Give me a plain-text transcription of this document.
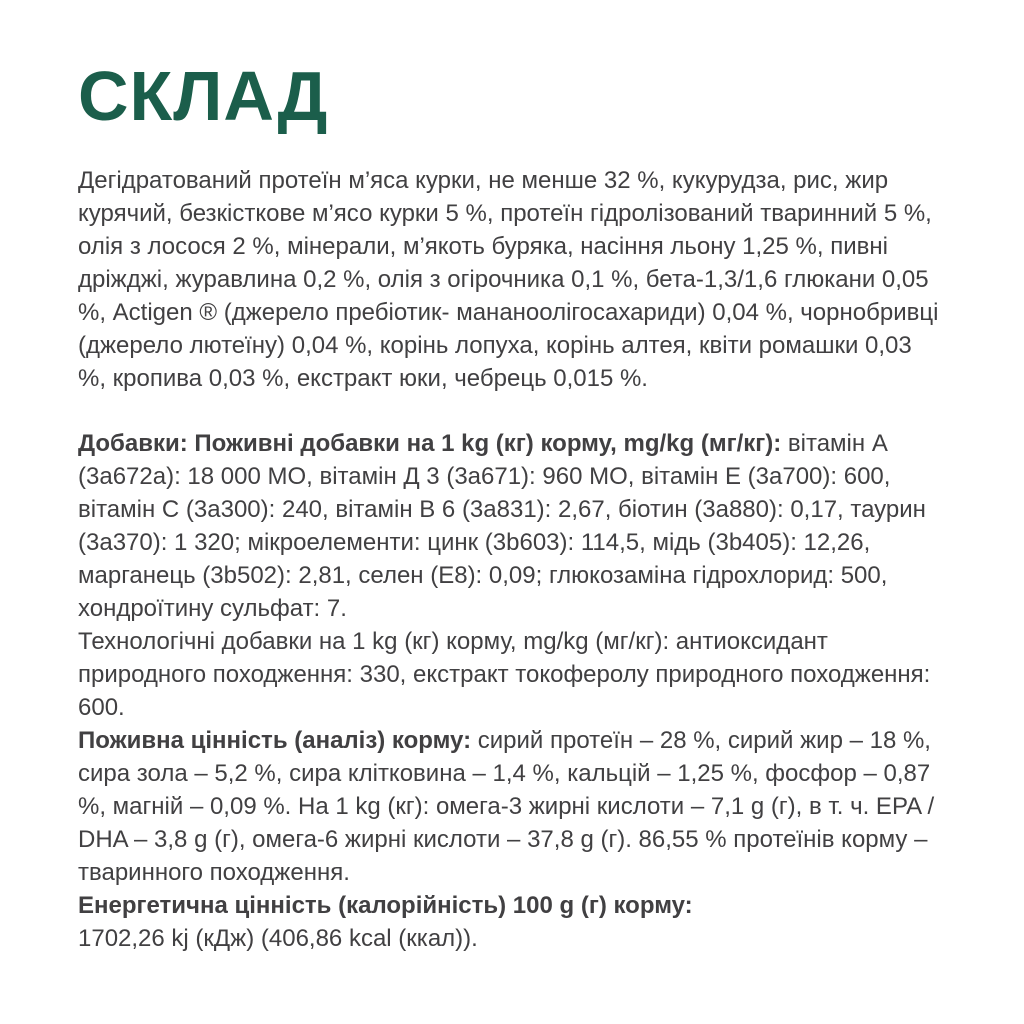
СКЛАД

Дегідратований протеїн м’яса курки, не менше 32 %, кукурудза, рис, жир курячий, безкісткове м’ясо курки 5 %, протеїн гідролізований тваринний 5 %, олія з лосося 2 %, мінерали, м’якоть буряка, насіння льону 1,25 %, пивні дріжджі, журавлина 0,2 %, олія з огірочника 0,1 %, бета-1,3/1,6 глюкани 0,05 %, Actigen ® (джерело пребіотик- мананоолігосахариди) 0,04 %, чорнобривці (джерело лютеїну) 0,04 %, корінь лопуха, корінь алтея, квіти ромашки 0,03 %, кропива 0,03 %, екстракт юки, чебрець 0,015 %.

Добавки: Поживні добавки на 1 kg (кг) корму, mg/kg (мг/кг): вітамін А (3а672а): 18 000 МО, вітамін Д 3 (3а671): 960 МО, вітамін Е (3а700): 600, вітамін С (3а300): 240, вітамін В 6 (3а831): 2,67, біотин (3а880): 0,17, таурин (3а370): 1 320; мікроелементи: цинк (3b603): 114,5, мідь (3b405): 12,26, марганець (3b502): 2,81, селен (Е8): 0,09; глюкозаміна гідрохлорид: 500, хондроїтину сульфат: 7.

Технологічні добавки на 1 kg (кг) корму, mg/kg (мг/кг): антиоксидант природного походження: 330, екстракт токоферолу природного походження: 600.

Поживна цінність (аналіз) корму: сирий протеїн – 28 %, сирий жир – 18 %, сира зола – 5,2 %, сира клітковина – 1,4 %, кальцій – 1,25 %, фосфор – 0,87 %, магній – 0,09 %. На 1 kg (кг): омега-3 жирні кислоти – 7,1 g (г), в т. ч. EPA / DHA – 3,8 g (г), омега-6 жирні кислоти – 37,8 g (г). 86,55 % протеїнів корму – тваринного походження.

Енергетична цінність (калорійність) 100 g (г) корму:

1702,26 kj (кДж) (406,86 kcal (ккал)).
